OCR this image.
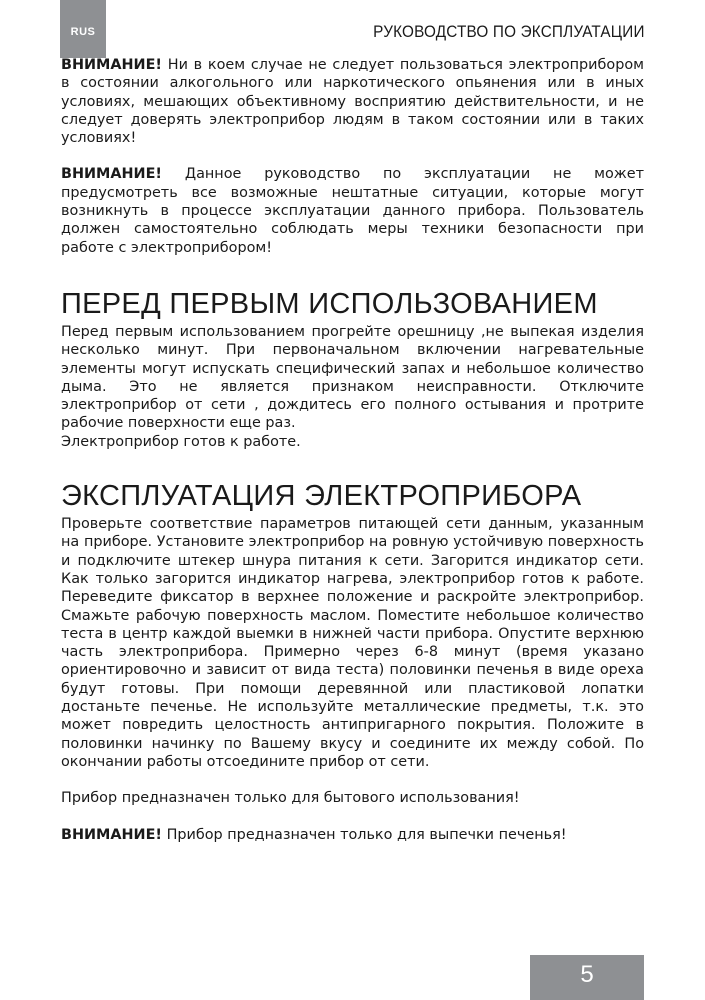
RUS	РУКОВОДСТВО ПО ЭКСПЛУАТАЦИИ

ВНИМАНИЕ! Ни в коем случае не следует пользоваться электроприбором в состоянии алкогольного или наркотического опьянения или в иных условиях, мешающих объективному восприятию действительности, и не следует доверять электроприбор людям в таком состоянии или в таких условиях!

ВНИМАНИЕ! Данное руководство по эксплуатации не может предусмотреть все возможные нештатные ситуации, которые могут возникнуть в процессе эксплуатации данного прибора. Пользователь должен самостоятельно соблюдать меры техники безопасности при работе с электроприбором!

ПЕРЕД ПЕРВЫМ ИСПОЛЬЗОВАНИЕМ

Перед первым использованием прогрейте орешницу ,не выпекая изделия несколько минут. При первоначальном включении нагревательные элементы могут испускать специфический запах и небольшое количество дыма. Это не является признаком неисправности. Отключите электроприбор от сети , дождитесь его полного остывания и протрите рабочие поверхности еще раз.

Электроприбор готов к работе.

ЭКСПЛУАТАЦИЯ ЭЛЕКТРОПРИБОРА

Проверьте соответствие параметров питающей сети данным, указанным на приборе. Установите электроприбор на ровную устойчивую поверхность и подключите штекер шнура питания к сети. Загорится индикатор сети. Как только загорится индикатор нагрева, электроприбор готов к работе. Переведите фиксатор в верхнее положение и раскройте электроприбор. Смажьте рабочую поверхность маслом. Поместите небольшое количество теста в центр каждой выемки в нижней части прибора. Опустите верхнюю часть электроприбора. Примерно через 6-8 минут (время указано ориентировочно и зависит от вида теста) половинки печенья в виде ореха будут готовы. При помощи деревянной или пластиковой лопатки достаньте печенье. Не используйте металлические предметы, т.к. это может повредить целостность антипригарного покрытия. Положите в половинки начинку по Вашему вкусу и соедините их между собой. По окончании работы отсоедините прибор от сети.

Прибор предназначен только для бытового использования!

ВНИМАНИЕ! Прибор предназначен только для выпечки печенья!

5
